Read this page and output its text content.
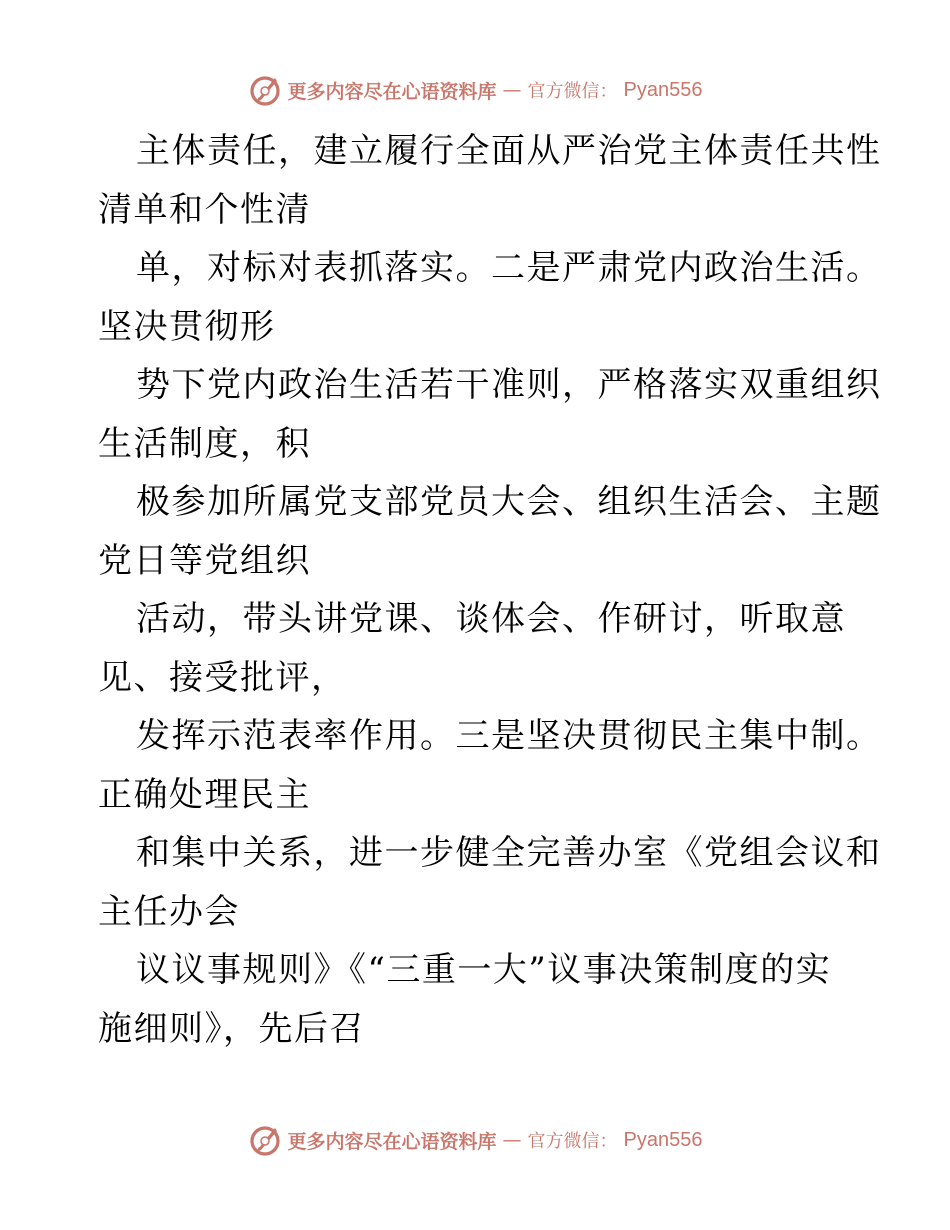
更多内容尽在心语资料库 — 官方微信： Pyan556
主体责任，建立履行全面从严治党主体责任共性
清单和个性清
单，对标对表抓落实。二是严肃党内政治生活。
坚决贯彻形
势下党内政治生活若干准则，严格落实双重组织
生活制度，积
极参加所属党支部党员大会、组织生活会、主题
党日等党组织
活动，带头讲党课、谈体会、作研讨，听取意
见、接受批评，
发挥示范表率作用。三是坚决贯彻民主集中制。
正确处理民主
和集中关系，进一步健全完善办室《党组会议和
主任办会
议议事规则》《“三重一大”议事决策制度的实
施细则》，先后召
更多内容尽在心语资料库 — 官方微信： Pyan556
